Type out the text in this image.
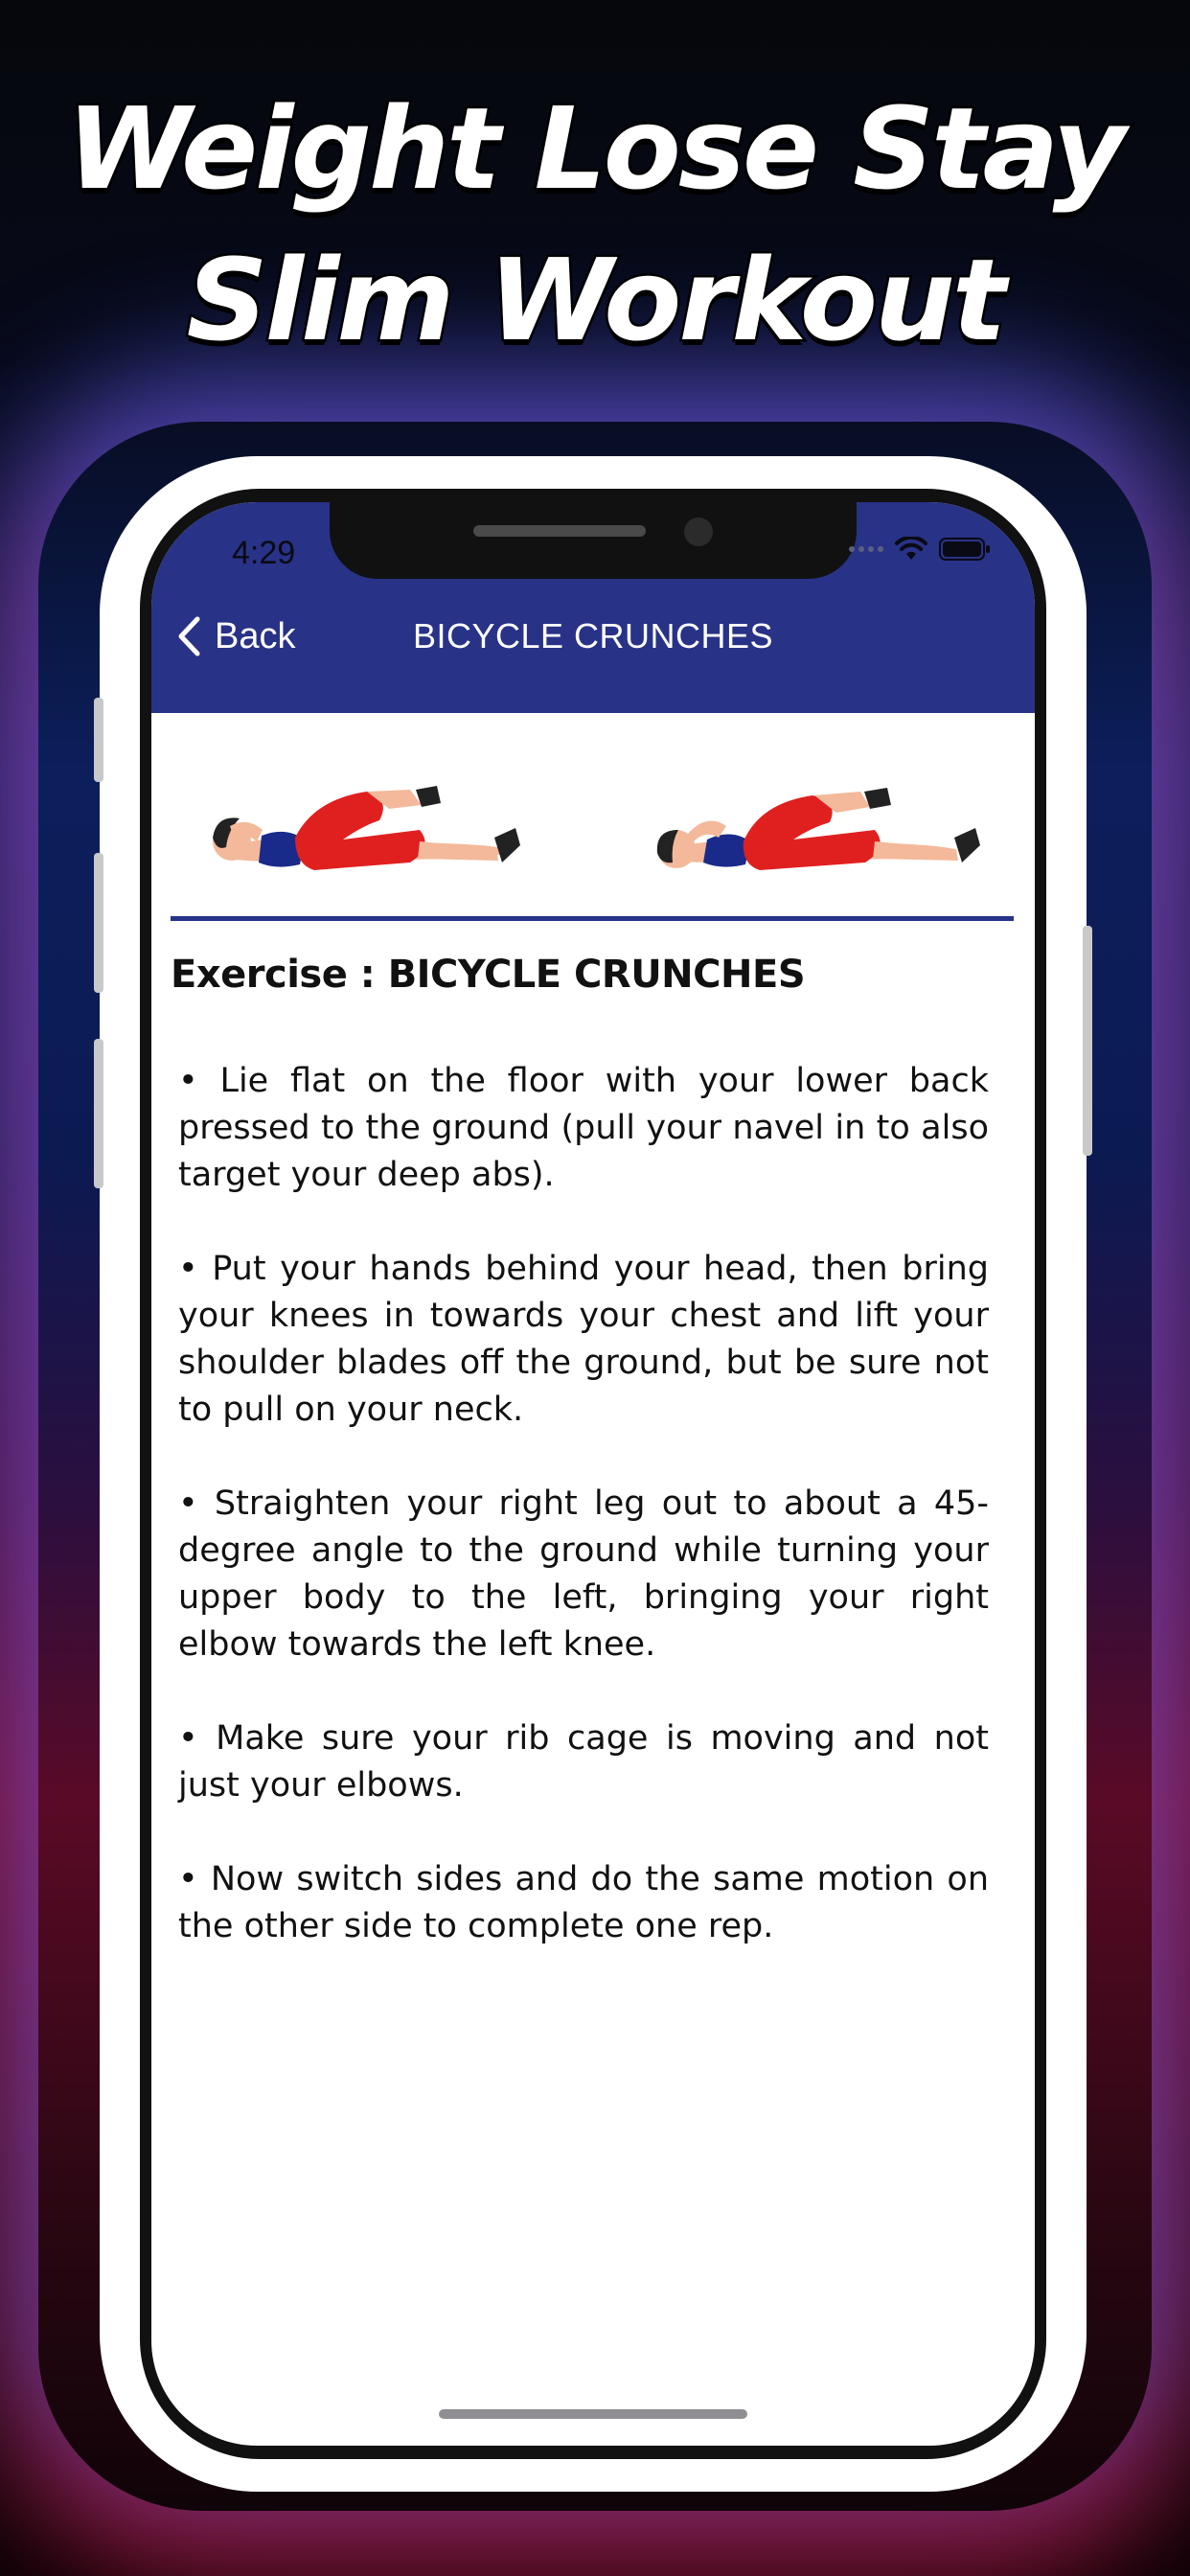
Weight Lose Stay
Slim Workout
4:29
BICYCLE CRUNCHES
Back
Exercise : BICYCLE CRUNCHES

• Lie flat on the floor with your lower back pressed to the ground (pull your navel in to also target your deep abs).

• Put your hands behind your head, then bring your knees in towards your chest and lift your shoulder blades off the ground, but be sure not to pull on your neck.

• Straighten your right leg out to about a 45-degree angle to the ground while turning your upper body to the left, bringing your right elbow towards the left knee.

• Make sure your rib cage is moving and not just your elbows.

• Now switch sides and do the same motion on the other side to complete one rep.
